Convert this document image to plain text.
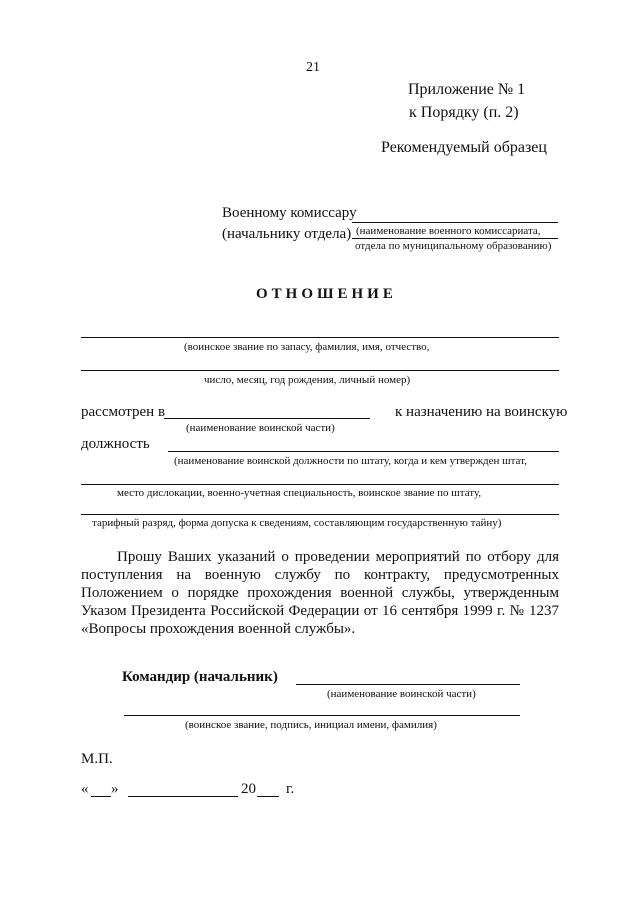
21
Приложение № 1
к Порядку (п. 2)
Рекомендуемый образец
Военному комиссару
(начальнику отдела) (наименование военного комиссариата,
отдела по муниципальному образованию)
ОТНОШЕНИЕ
(воинское звание по запасу, фамилия, имя, отчество,
число, месяц, год рождения, личный номер)
рассмотрен в	к назначению на воинскую
(наименование воинской части)
должность
(наименование воинской должности по штату, когда и кем утвержден штат,
место дислокации, военно-учетная специальность, воинское звание по штату,
тарифный разряд, форма допуска к сведениям, составляющим государственную тайну)
Прошу Ваших указаний о проведении мероприятий по отбору для поступления на военную службу по контракту, предусмотренных Положением о порядке прохождения военной службы, утвержденным Указом Президента Российской Федерации от 16 сентября 1999 г. № 1237 «Вопросы прохождения военной службы».
Командир (начальник)
(наименование воинской части)
(воинское звание, подпись, инициал имени, фамилия)
М.П.
« »	20 г.
